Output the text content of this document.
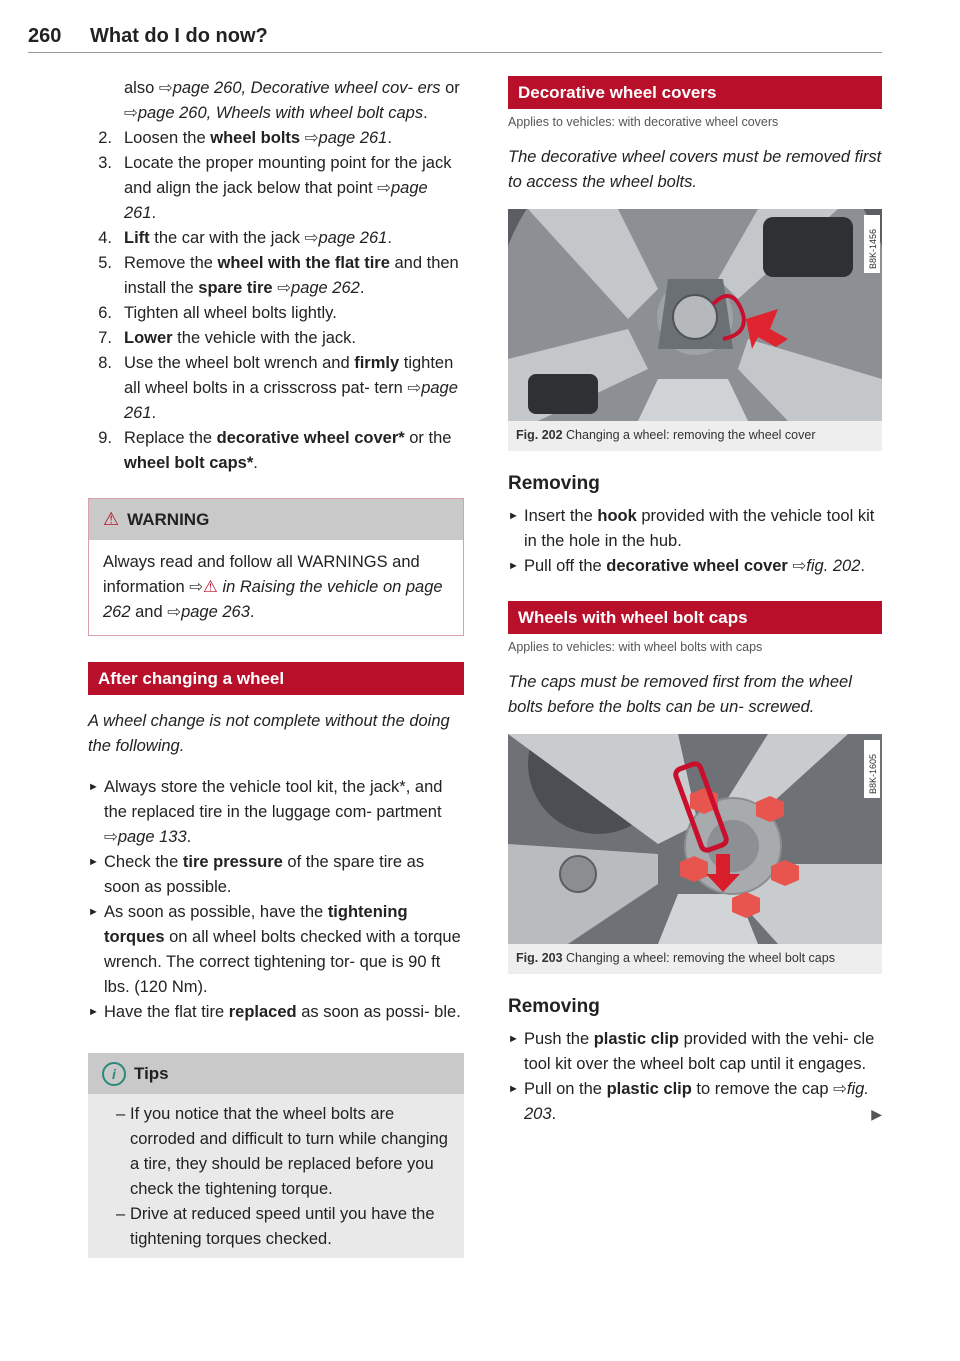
260 What do I do now?
also ⇨page 260, Decorative wheel cov- ers or ⇨page 260, Wheels with wheel bolt caps.
2. Loosen the wheel bolts ⇨page 261.
3. Locate the proper mounting point for the jack and align the jack below that point ⇨page 261.
4. Lift the car with the jack ⇨page 261.
5. Remove the wheel with the flat tire and then install the spare tire ⇨page 262.
6. Tighten all wheel bolts lightly.
7. Lower the vehicle with the jack.
8. Use the wheel bolt wrench and firmly tighten all wheel bolts in a crisscross pat- tern ⇨page 261.
9. Replace the decorative wheel cover* or the wheel bolt caps*.
⚠ WARNING
Always read and follow all WARNINGS and information ⇨⚠ in Raising the vehicle on page 262 and ⇨page 263.
After changing a wheel
A wheel change is not complete without the doing the following.
► Always store the vehicle tool kit, the jack*, and the replaced tire in the luggage com- partment ⇨page 133.
► Check the tire pressure of the spare tire as soon as possible.
► As soon as possible, have the tightening torques on all wheel bolts checked with a torque wrench. The correct tightening tor- que is 90 ft lbs. (120 Nm).
► Have the flat tire replaced as soon as possi- ble.
i Tips
– If you notice that the wheel bolts are corroded and difficult to turn while changing a tire, they should be replaced before you check the tightening torque.
– Drive at reduced speed until you have the tightening torques checked.
Decorative wheel covers
Applies to vehicles: with decorative wheel covers
The decorative wheel covers must be removed first to access the wheel bolts.
B8K-1456
Fig. 202 Changing a wheel: removing the wheel cover
Removing
► Insert the hook provided with the vehicle tool kit in the hole in the hub.
► Pull off the decorative wheel cover ⇨fig. 202.
Wheels with wheel bolt caps
Applies to vehicles: with wheel bolts with caps
The caps must be removed first from the wheel bolts before the bolts can be un- screwed.
B8K-1605
Fig. 203 Changing a wheel: removing the wheel bolt caps
Removing
► Push the plastic clip provided with the vehi- cle tool kit over the wheel bolt cap until it engages.
► Pull on the plastic clip to remove the cap ⇨fig. 203.	▶
